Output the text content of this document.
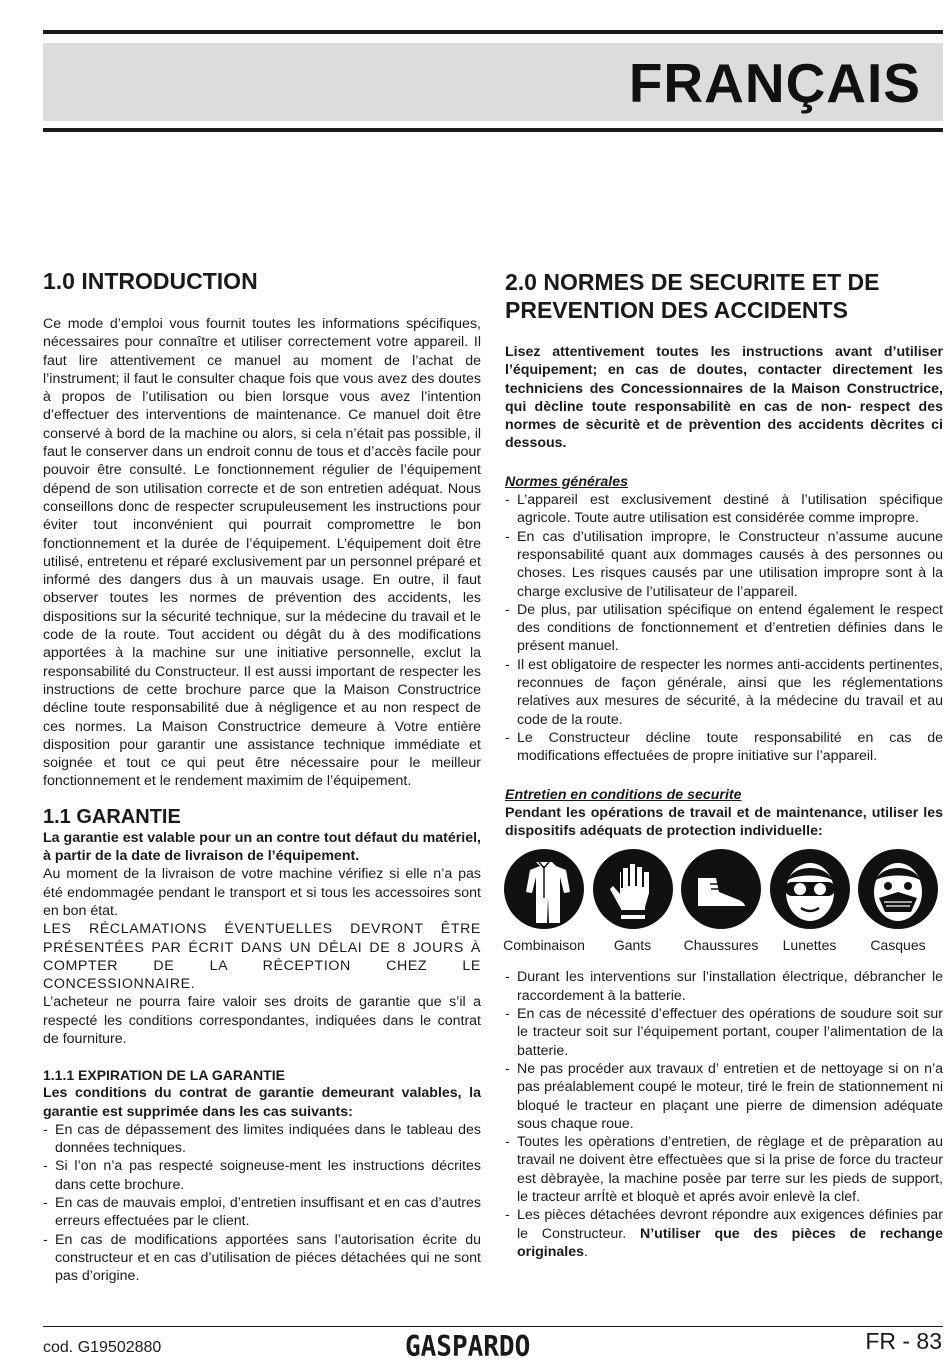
FRANÇAIS
1.0 INTRODUCTION

Ce mode d’emploi vous fournit toutes les informations spécifiques, nécessaires pour connaître et utiliser correctement votre appareil. Il faut lire attentivement ce manuel au moment de l’achat de l’instrument; il faut le consulter chaque fois que vous avez des doutes à propos de l’utilisation ou bien lorsque vous avez l’intention d’effectuer des interventions de maintenance. Ce manuel doit être conservé à bord de la machine ou alors, si cela n’était pas possible, il faut le conserver dans un endroit connu de tous et d’accès facile pour pouvoir être consulté. Le fonctionnement régulier de l’équipement dépend de son utilisation correcte et de son entretien adéquat. Nous conseillons donc de respecter scrupuleusement les instructions pour éviter tout inconvénient qui pourrait compromettre le bon fonctionnement et la durée de l’équipement. L’équipement doit être utilisé, entretenu et réparé exclusivement par un personnel préparé et informé des dangers dus à un mauvais usage. En outre, il faut observer toutes les normes de prévention des accidents, les dispositions sur la sécurité technique, sur la médecine du travail et le code de la route. Tout accident ou dégât du à des modifications apportées à la machine sur une initiative personnelle, exclut la responsabilité du Constructeur. Il est aussi important de respecter les instructions de cette brochure parce que la Maison Constructrice décline toute responsabilité due à négligence et au non respect de ces normes. La Maison Constructrice demeure à Votre entière disposition pour garantir une assistance technique immédiate et soignée et tout ce qui peut être nécessaire pour le meilleur fonctionnement et le rendement maximim de l’équipement.

1.1 GARANTIE

La garantie est valable pour un an contre tout défaut du matériel, à partir de la date de livraison de l’équipement.

Au moment de la livraison de votre machine vérifiez si elle n’a pas été endommagée pendant le transport et si tous les accessoires sont en bon état.

LES RÉCLAMATIONS ÉVENTUELLES DEVRONT ÊTRE PRÉSENTÉES PAR ÉCRIT DANS UN DÉLAI DE 8 JOURS À COMPTER DE LA RÉCEPTION CHEZ LE CONCESSIONNAIRE.

L’acheteur ne pourra faire valoir ses droits de garantie que s’il a respecté les conditions correspondantes, indiquées dans le contrat de fourniture.

1.1.1 EXPIRATION DE LA GARANTIE

Les conditions du contrat de garantie demeurant valables, la garantie est supprimée dans les cas suivants:

- En cas de dépassement des limites indiquées dans le tableau des données techniques.
- Si l’on n’a pas respecté soigneuse-ment les instructions décrites dans cette brochure.
- En cas de mauvais emploi, d’entretien insuffisant et en cas d’autres erreurs effectuées par le client.
- En cas de modifications apportées sans l’autorisation écrite du constructeur et en cas d’utilisation de piéces détachées qui ne sont pas d’origine.
2.0 NORMES DE SECURITE ET DE PREVENTION DES ACCIDENTS

Lisez attentivement toutes les instructions avant d’utiliser l’équipement; en cas de doutes, contacter directement les techniciens des Concessionnaires de la Maison Constructrice, qui dècline toute responsabilitè en cas de non- respect des normes de sècuritè et de prèvention des accidents dècrites ci dessous.

Normes générales
- L’appareil est exclusivement destiné à l’utilisation spécifique agricole. Toute autre utilisation est considérée comme impropre.
- En cas d’utilisation impropre, le Constructeur n’assume aucune responsabilité quant aux dommages causés à des personnes ou choses. Les risques causés par une utilisation impropre sont à la charge exclusive de l’utilisateur de l’appareil.
- De plus, par utilisation spécifique on entend également le respect des conditions de fonctionnement et d’entretien définies dans le présent manuel.
- Il est obligatoire de respecter les normes anti-accidents pertinentes, reconnues de façon générale, ainsi que les réglementations relatives aux mesures de sécurité, à la médecine du travail et au code de la route.
- Le Constructeur décline toute responsabilité en cas de modifications effectuées de propre initiative sur l’appareil.
Entretien en conditions de securite

Pendant les opérations de travail et de maintenance, utiliser les dispositifs adéquats de protection individuelle:

Combinaison Gants Chaussures Lunettes Casques
- Durant les interventions sur l’installation électrique, débrancher le raccordement à la batterie.
- En cas de nécessité d’effectuer des opérations de soudure soit sur le tracteur soit sur l’équipement portant, couper l’alimentation de la batterie.
- Ne pas procéder aux travaux d’ entretien et de nettoyage si on n’a pas préalablement coupé le moteur, tiré le frein de stationnement ni bloqué le tracteur en plaçant une pierre de dimension adéquate sous chaque roue.
- Toutes les opèrations d’entretien, de règlage et de prèparation au travail ne doivent ètre effectuèes que si la prise de force du tracteur est dèbrayèe, la machine posèe par terre sur les pieds de support, le tracteur arrÍtè et bloquè et aprés avoir enlevè la clef.
- Les pièces détachées devront répondre aux exigences définies par le Constructeur. N’utiliser que des pièces de rechange originales.
cod. G19502880	GASPARDO	FR - 83
